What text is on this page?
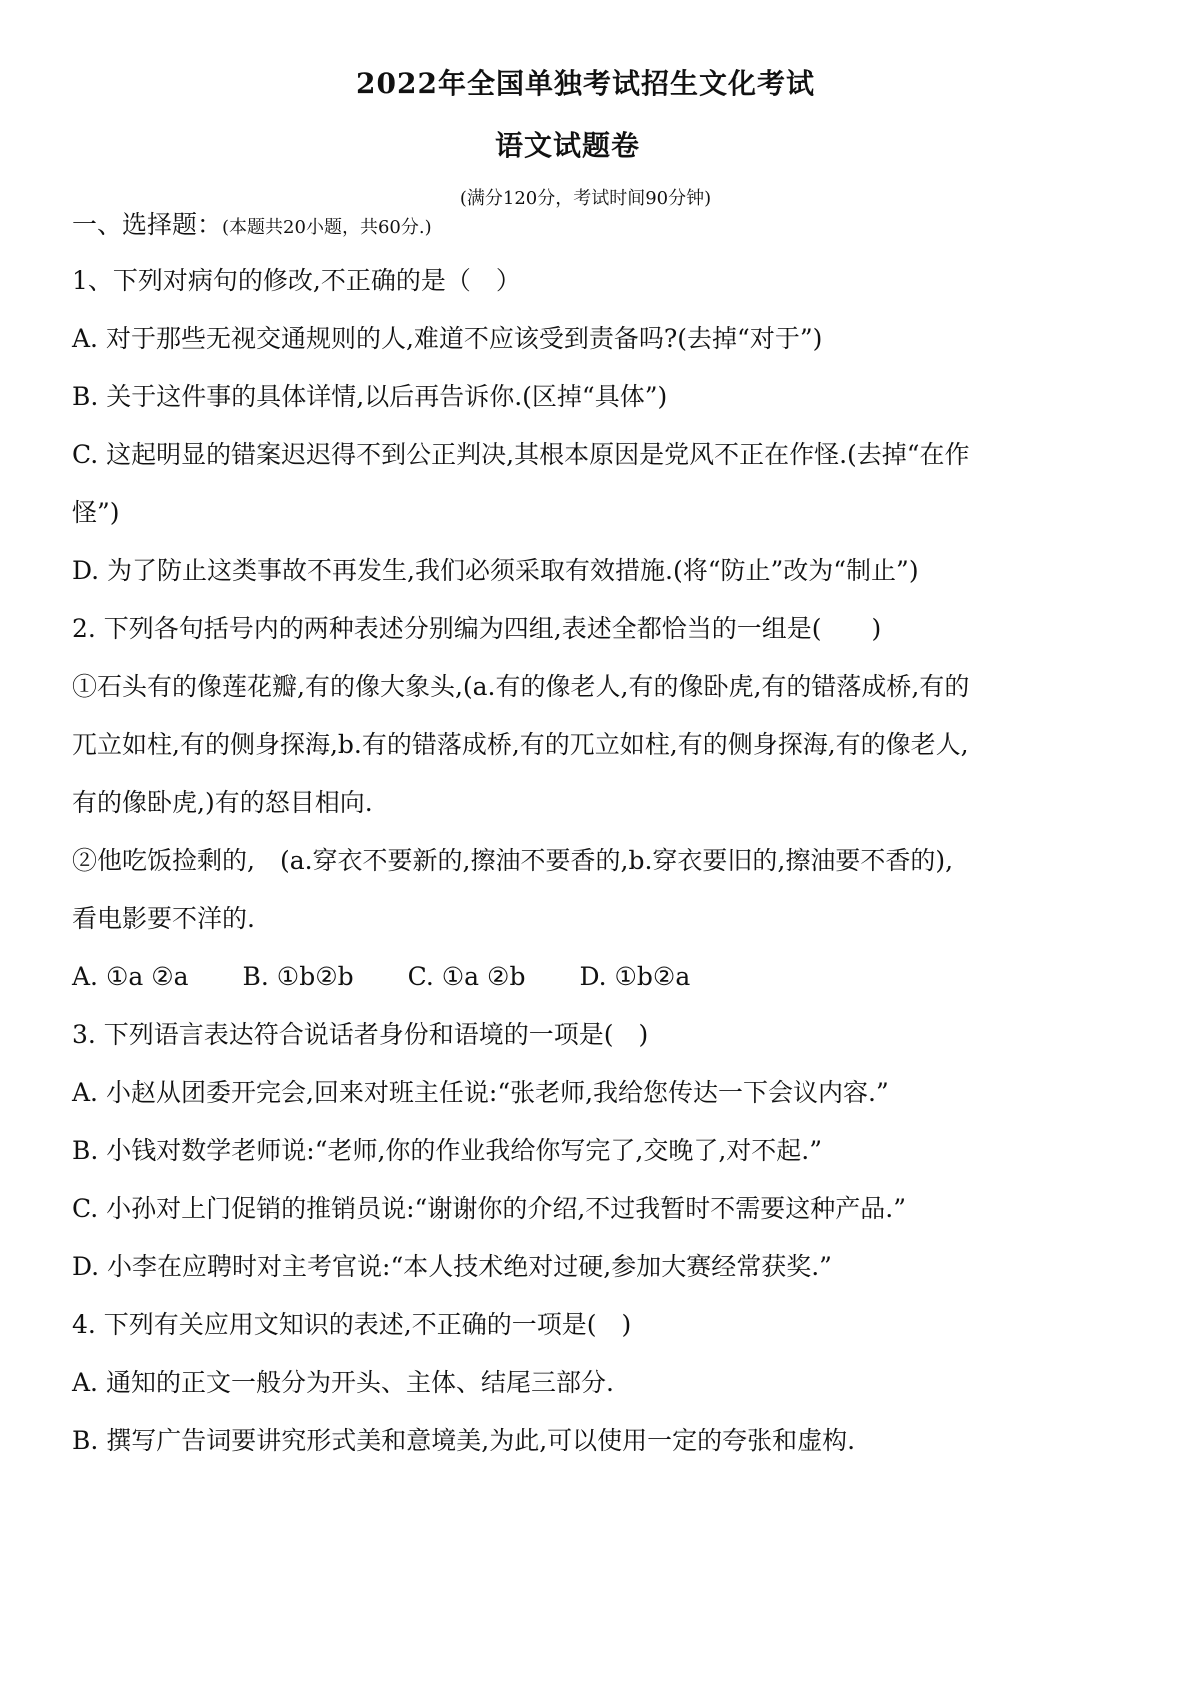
2022年全国单独考试招生文化考试
语文试题卷
(满分120分，考试时间90分钟)
一、选择题：(本题共20小题，共60分.)
1、下列对病句的修改,不正确的是（　）
A. 对于那些无视交通规则的人,难道不应该受到责备吗?(去掉“对于”)
B. 关于这件事的具体详情,以后再告诉你.(区掉“具体”)
C. 这起明显的错案迟迟得不到公正判决,其根本原因是党风不正在作怪.(去掉“在作
怪”)
D. 为了防止这类事故不再发生,我们必须采取有效措施.(将“防止”改为“制止”)
2. 下列各句括号内的两种表述分别编为四组,表述全都恰当的一组是(　　)
①石头有的像莲花瓣,有的像大象头,(a.有的像老人,有的像卧虎,有的错落成桥,有的
兀立如柱,有的侧身探海,b.有的错落成桥,有的兀立如柱,有的侧身探海,有的像老人,
有的像卧虎,)有的怒目相向.
②他吃饭捡剩的,　(a.穿衣不要新的,擦油不要香的,b.穿衣要旧的,擦油要不香的),
看电影要不洋的.
A. ①a ②a B. ①b②b C. ①a ②b D. ①b②a
3. 下列语言表达符合说话者身份和语境的一项是(　)
A. 小赵从团委开完会,回来对班主任说:“张老师,我给您传达一下会议内容.”
B. 小钱对数学老师说:“老师,你的作业我给你写完了,交晚了,对不起.”
C. 小孙对上门促销的推销员说:“谢谢你的介绍,不过我暂时不需要这种产品.”
D. 小李在应聘时对主考官说:“本人技术绝对过硬,参加大赛经常获奖.”
4. 下列有关应用文知识的表述,不正确的一项是(　)
A. 通知的正文一般分为开头、主体、结尾三部分.
B. 撰写广告词要讲究形式美和意境美,为此,可以使用一定的夸张和虚构.
